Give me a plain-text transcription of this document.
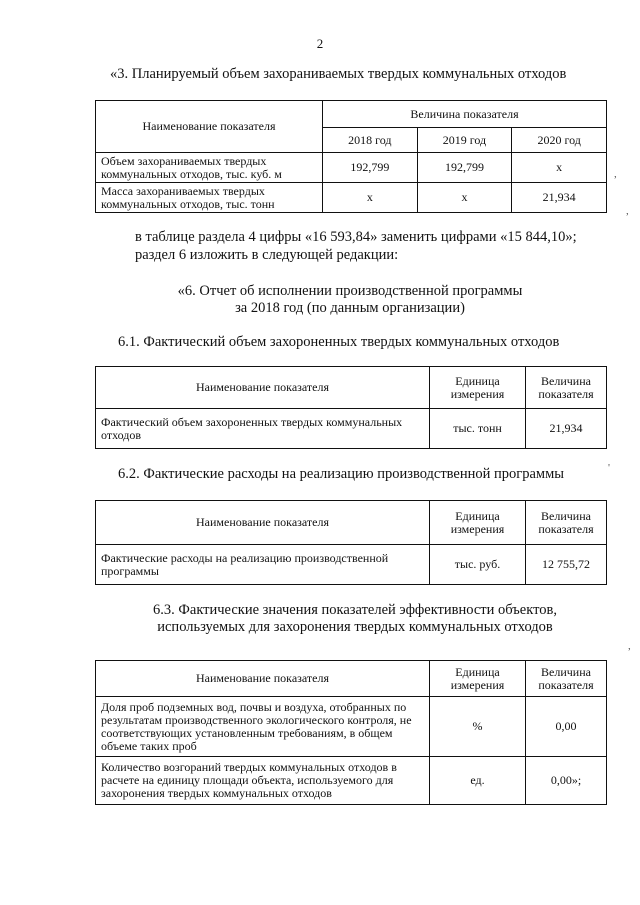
2
«3. Планируемый объем захораниваемых твердых коммунальных отходов
Наименование показателя	Величина показателя		
	2018 год	2019 год	2020 год
Объем захораниваемых твердых коммунальных отходов, тыс. куб. м	192,799	192,799	х
Масса захораниваемых твердых коммунальных отходов, тыс. тонн	х	х	21,934
в таблице раздела 4 цифры «16 593,84» заменить цифрами «15 844,10»;
раздел 6 изложить в следующей редакции:
«6. Отчет об исполнении производственной программы
за 2018 год (по данным организации)
6.1. Фактический объем захороненных твердых коммунальных отходов
Наименование показателя	Единица измерения	Величина показателя
Фактический объем захороненных твердых коммунальных отходов	тыс. тонн	21,934
6.2. Фактические расходы на реализацию производственной программы
Наименование показателя	Единица измерения	Величина показателя
Фактические расходы на реализацию производственной программы	тыс. руб.	12 755,72
6.3. Фактические значения показателей эффективности объектов,
используемых для захоронения твердых коммунальных отходов
Наименование показателя	Единица измерения	Величина показателя
Доля проб подземных вод, почвы и воздуха, отобранных по результатам производственного экологического контроля, не соответствующих установленным требованиям, в общем объеме таких проб	%	0,00
Количество возгораний твердых коммунальных отходов в расчете на единицу площади объекта, используемого для захоронения твердых коммунальных отходов	ед.	0,00»;
,
,
'
,
